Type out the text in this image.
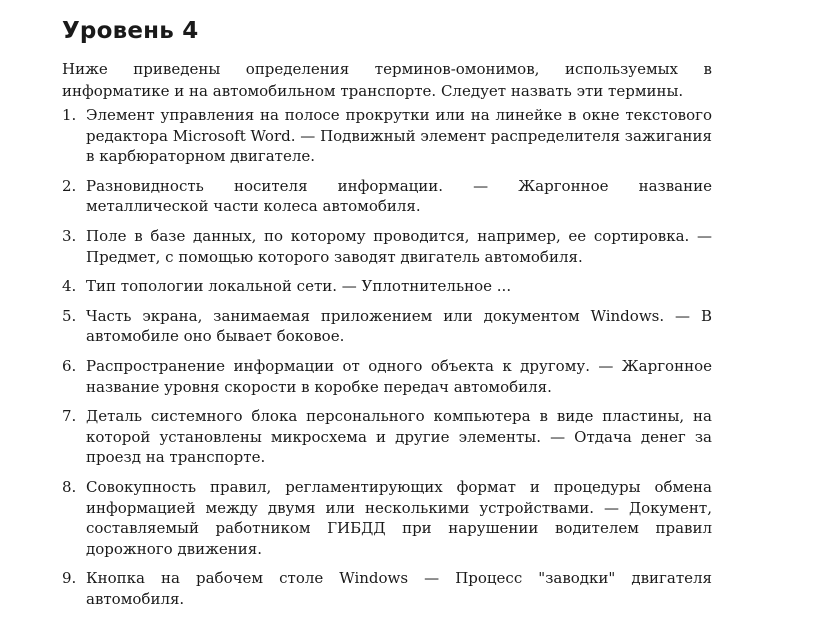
Уровень 4
Ниже приведены определения терминов-омонимов, используемых в информатике и на автомобильном транспорте. Следует назвать эти термины.
1. Элемент управления на полосе прокрутки или на линейке в окне текстового редактора Microsoft Word. — Подвижный элемент распределителя зажигания в карбюраторном двигателе.
2. Разновидность носителя информации. — Жаргонное название металлической части колеса автомобиля.
3. Поле в базе данных, по которому проводится, например, ее сортировка. — Предмет, с помощью которого заводят двигатель автомобиля.
4. Тип топологии локальной сети. — Уплотнительное ...
5. Часть экрана, занимаемая приложением или документом Windows. — В автомобиле оно бывает боковое.
6. Распространение информации от одного объекта к другому. — Жаргонное название уровня скорости в коробке передач автомобиля.
7. Деталь системного блока персонального компьютера в виде пластины, на которой установлены микросхема и другие элементы. — Отдача денег за проезд на транспорте.
8. Совокупность правил, регламентирующих формат и процедуры обмена информацией между двумя или несколькими устройствами. — Документ, составляемый работником ГИБДД при нарушении водителем правил дорожного движения.
9. Кнопка на рабочем столе Windows — Процесс "заводки" двигателя автомобиля.
